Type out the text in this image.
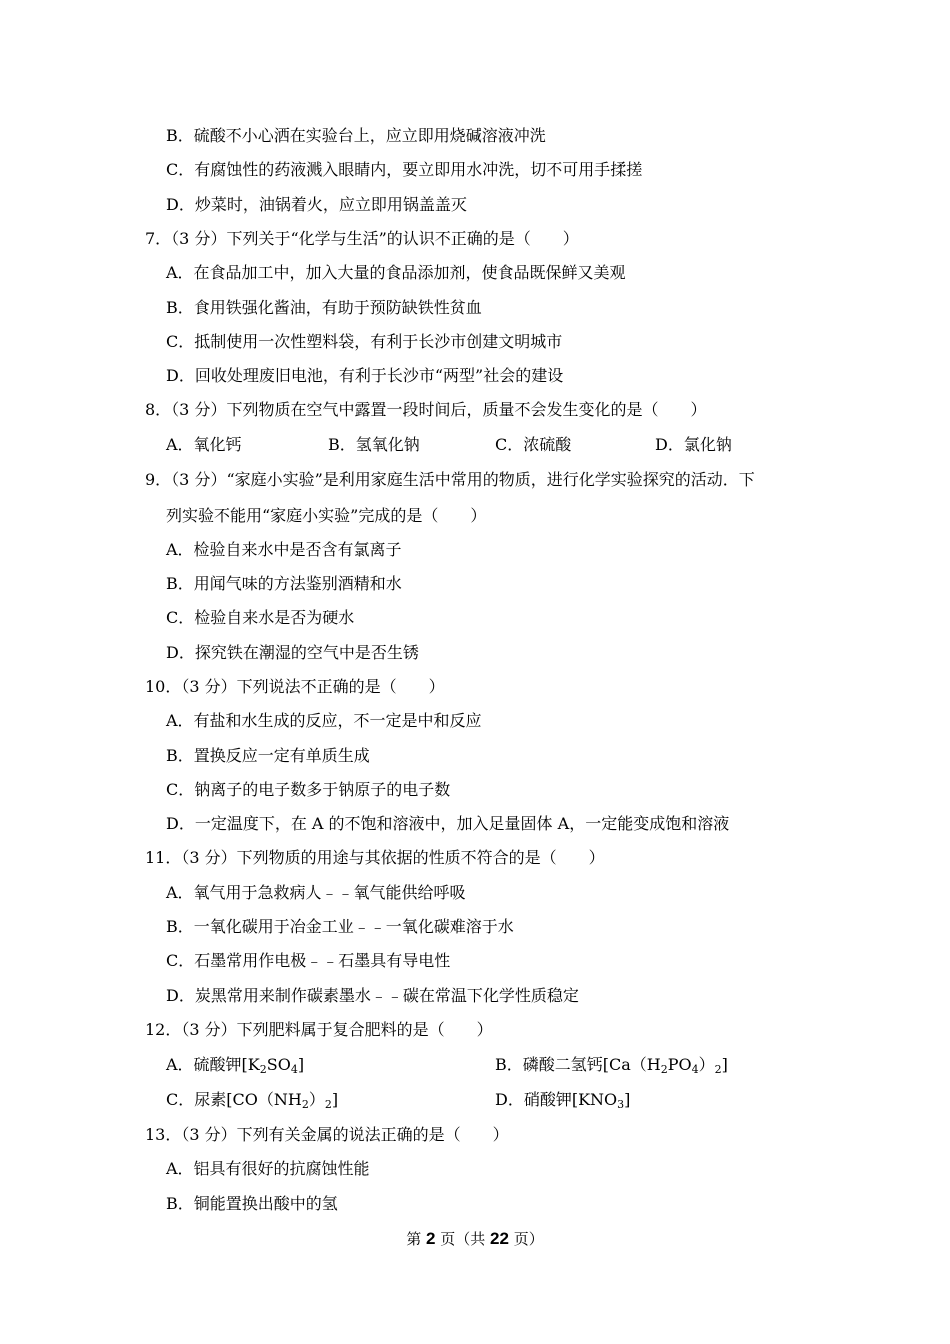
B．硫酸不小心洒在实验台上，应立即用烧碱溶液冲洗
C．有腐蚀性的药液溅入眼睛内，要立即用水冲洗，切不可用手揉搓
D．炒菜时，油锅着火，应立即用锅盖盖灭
7．（3 分）下列关于“化学与生活”的认识不正确的是（　　）
A．在食品加工中，加入大量的食品添加剂，使食品既保鲜又美观
B．食用铁强化酱油，有助于预防缺铁性贫血
C．抵制使用一次性塑料袋，有利于长沙市创建文明城市
D．回收处理废旧电池，有利于长沙市“两型”社会的建设
8．（3 分）下列物质在空气中露置一段时间后，质量不会发生变化的是（　　）
A．氧化钙	B．氢氧化钠	C．浓硫酸	D．氯化钠
9．（3 分）“家庭小实验”是利用家庭生活中常用的物质，进行化学实验探究的活动．下
列实验不能用“家庭小实验”完成的是（　　）
A．检验自来水中是否含有氯离子
B．用闻气味的方法鉴别酒精和水
C．检验自来水是否为硬水
D．探究铁在潮湿的空气中是否生锈
10．（3 分）下列说法不正确的是（　　）
A．有盐和水生成的反应，不一定是中和反应
B．置换反应一定有单质生成
C．钠离子的电子数多于钠原子的电子数
D．一定温度下，在 A 的不饱和溶液中，加入足量固体 A，一定能变成饱和溶液
11．（3 分）下列物质的用途与其依据的性质不符合的是（　　）
A．氧气用于急救病人﹣﹣氧气能供给呼吸
B．一氧化碳用于冶金工业﹣﹣一氧化碳难溶于水
C．石墨常用作电极﹣﹣石墨具有导电性
D．炭黑常用来制作碳素墨水﹣﹣碳在常温下化学性质稳定
12．（3 分）下列肥料属于复合肥料的是（　　）
A．硫酸钾$[K_2SO_4]$	B．磷酸二氢钙$[Ca(H_2PO_4)_2]$
C．尿素$[CO(NH_2)_2]$	D．硝酸钾$[KNO_3]$
13．（3 分）下列有关金属的说法正确的是（　　）
A．铝具有很好的抗腐蚀性能
B．铜能置换出酸中的氢
第 2 页（共 22 页）
